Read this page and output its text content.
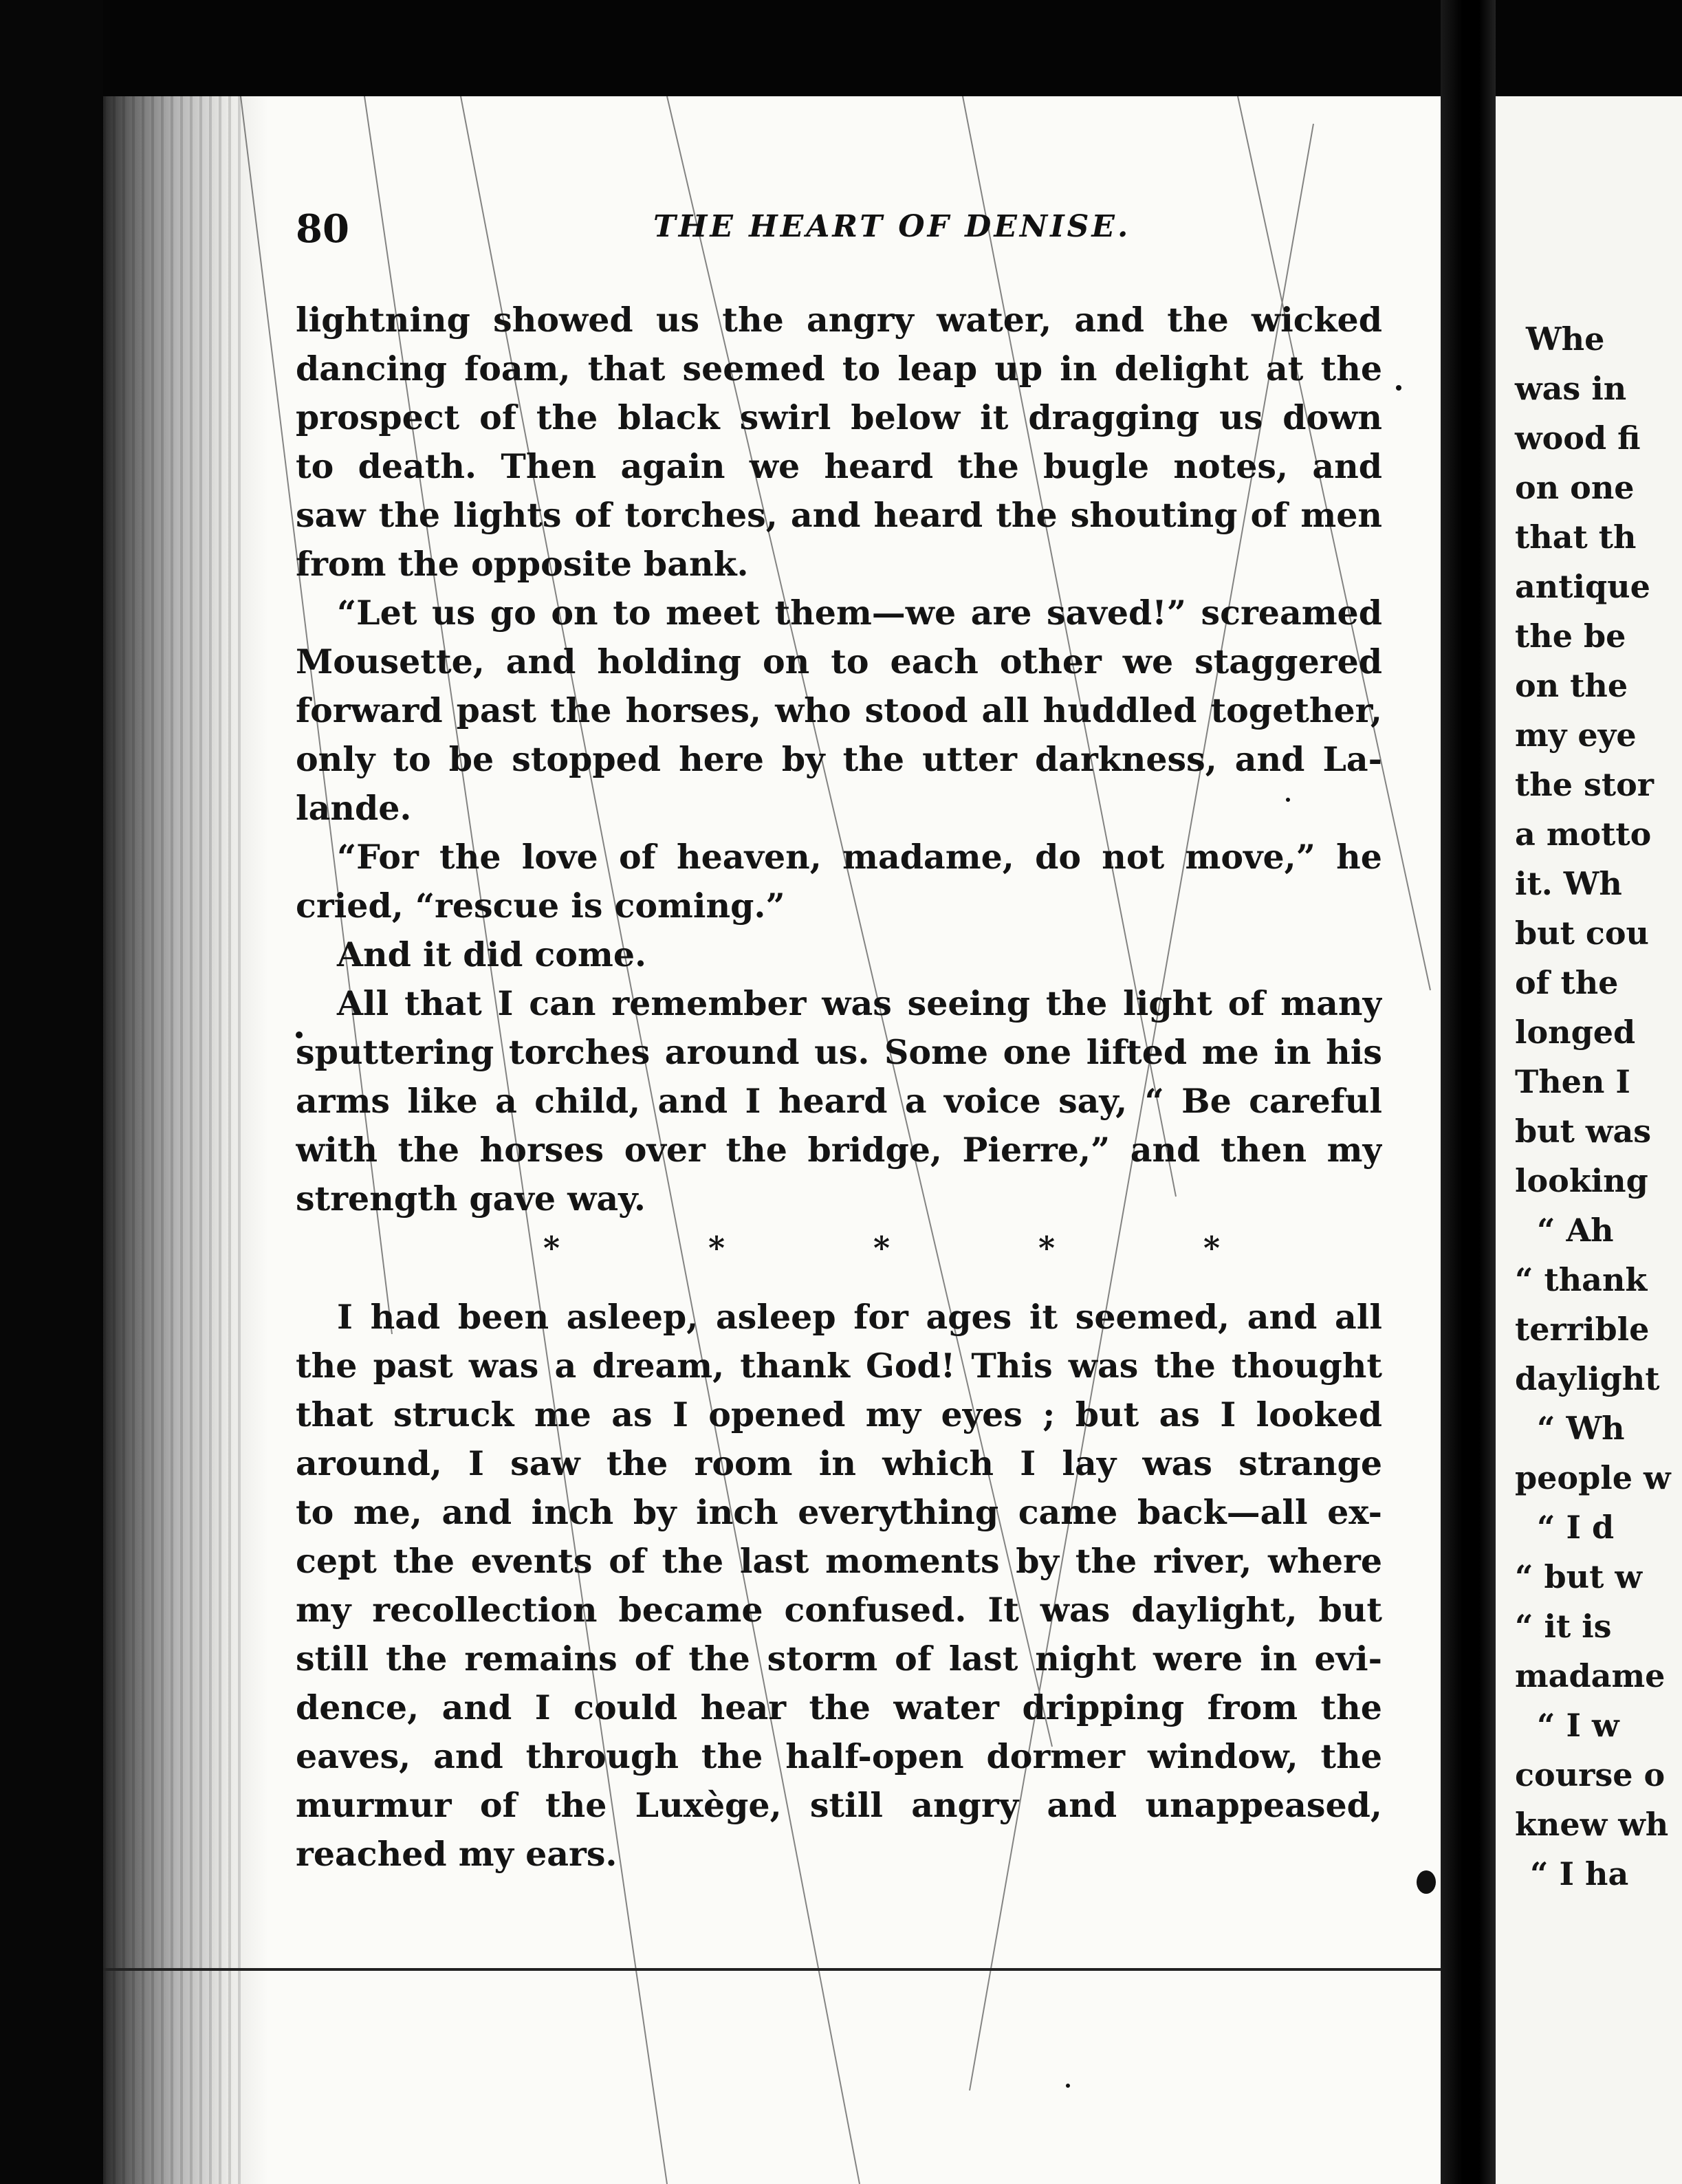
80	THE HEART OF DENISE.
lightning showed us the angry water, and the wicked
dancing foam, that seemed to leap up in delight at the
prospect of the black swirl below it dragging us down
to death. Then again we heard the bugle notes, and
saw the lights of torches, and heard the shouting of men
from the opposite bank.
“Let us go on to meet them—we are saved!” screamed
Mousette, and holding on to each other we staggered
forward past the horses, who stood all huddled together,
only to be stopped here by the utter darkness, and La-
lande.
“For the love of heaven, madame, do not move,” he
cried, “rescue is coming.”
And it did come.
All that I can remember was seeing the light of many
sputtering torches around us. Some one lifted me in his
arms like a child, and I heard a voice say, “ Be careful
with the horses over the bridge, Pierre,” and then my
strength gave way.
*	*	*	*	*
I had been asleep, asleep for ages it seemed, and all
the past was a dream, thank God! This was the thought
that struck me as I opened my eyes ; but as I looked
around, I saw the room in which I lay was strange
to me, and inch by inch everything came back—all ex-
cept the events of the last moments by the river, where
my recollection became confused. It was daylight, but
still the remains of the storm of last night were in evi-
dence, and I could hear the water dripping from the
eaves, and through the half-open dormer window, the
murmur of the Luxège, still angry and unappeased,
reached my ears.
Whe
was in
wood fi
on one
that th
antique
the be
on the
my eye
the stor
a motto
it. Wh
but cou
of the
longed
Then I
but was
looking
“ Ah
“ thank
terrible
daylight
“ Wh
people w
“ I d
“ but w
“ it is
madame
“ I w
course o
knew wh
“ I ha
